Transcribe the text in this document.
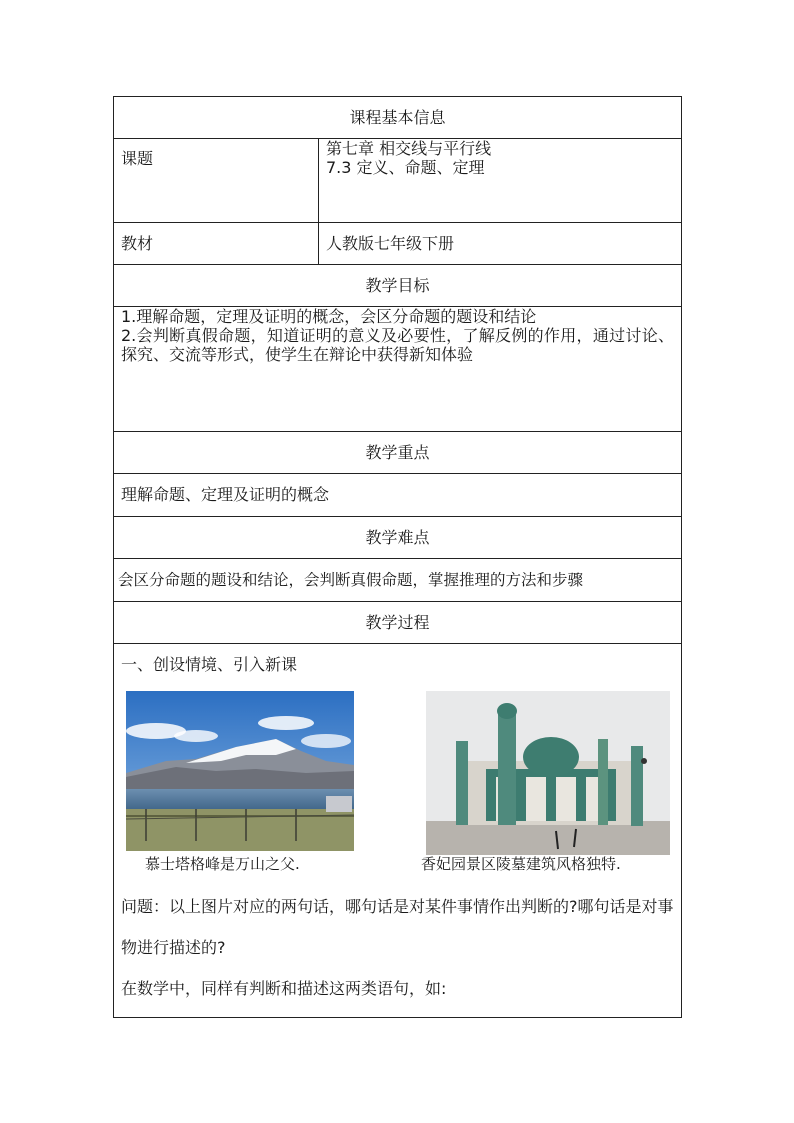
课程基本信息	
课题	第七章 相交线与平行线
7.3 定义、命题、定理

教材	人教版七年级下册
教学目标	

1.理解命题，定理及证明的概念，会区分命题的题设和结论
2.会判断真假命题，知道证明的意义及必要性，了解反例的作用，通过讨论、探究、交流等形式，使学生在辩论中获得新知体验	

教学重点	
理解命题、定理及证明的概念	
教学难点	
会区分命题的题设和结论，会判断真假命题，掌握推理的方法和步骤	
教学过程	

一、创设情境、引入新课
慕士塔格峰是万山之父. 香妃园景区陵墓建筑风格独特.
问题：以上图片对应的两句话，哪句话是对某件事情作出判断的?哪句话是对事物进行描述的?
在数学中，同样有判断和描述这两类语句，如:	
